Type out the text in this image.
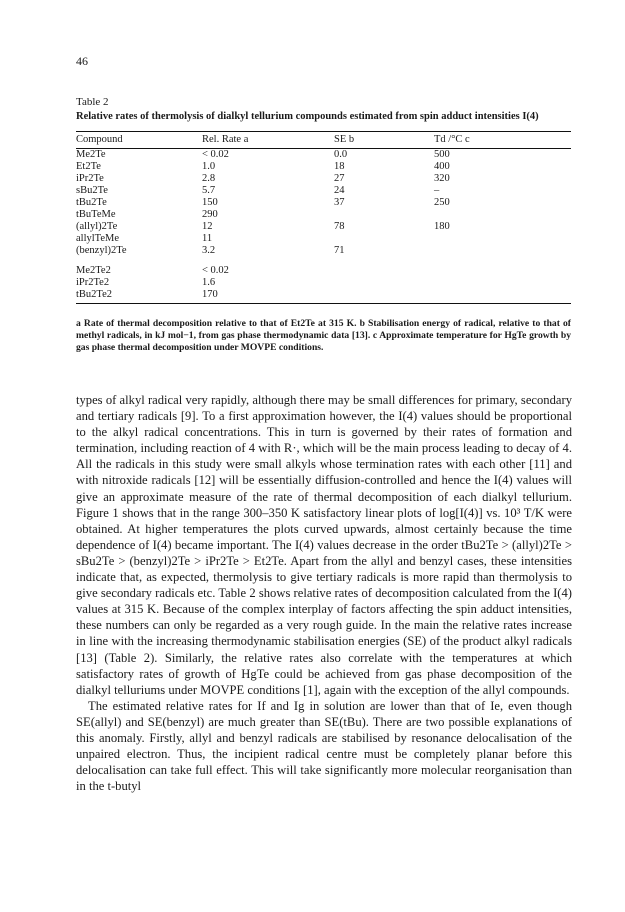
46
Table 2
Relative rates of thermolysis of dialkyl tellurium compounds estimated from spin adduct intensities I(4)
Compound	Rel. Rate a	SE b	Td /°C c
Me2Te	< 0.02	0.0	500
Et2Te	1.0	18	400
iPr2Te	2.8	27	320
sBu2Te	5.7	24	–
tBu2Te	150	37	250
tBuTeMe	290		
(allyl)2Te	12	78	180
allylTeMe	11		
(benzyl)2Te	3.2	71	

Me2Te2	< 0.02		
iPr2Te2	1.6		
tBu2Te2	170		
a Rate of thermal decomposition relative to that of Et2Te at 315 K. b Stabilisation energy of radical, relative to that of methyl radicals, in kJ mol−1, from gas phase thermodynamic data [13]. c Approximate temperature for HgTe growth by gas phase thermal decomposition under MOVPE conditions.

types of alkyl radical very rapidly, although there may be small differences for primary, secondary and tertiary radicals [9]. To a first approximation however, the I(4) values should be proportional to the alkyl radical concentrations. This in turn is governed by their rates of formation and termination, including reaction of 4 with R·, which will be the main process leading to decay of 4. All the radicals in this study were small alkyls whose termination rates with each other [11] and with nitroxide radicals [12] will be essentially diffusion-controlled and hence the I(4) values will give an approximate measure of the rate of thermal decomposition of each dialkyl tellurium. Figure 1 shows that in the range 300–350 K satisfactory linear plots of log[I(4)] vs. 10³ T/K were obtained. At higher temperatures the plots curved upwards, almost certainly because the time dependence of I(4) became important. The I(4) values decrease in the order tBu2Te > (allyl)2Te > sBu2Te > (benzyl)2Te > iPr2Te > Et2Te. Apart from the allyl and benzyl cases, these intensities indicate that, as expected, thermolysis to give tertiary radicals is more rapid than thermolysis to give secondary radicals etc. Table 2 shows relative rates of decomposition calculated from the I(4) values at 315 K. Because of the complex interplay of factors affecting the spin adduct intensities, these numbers can only be regarded as a very rough guide. In the main the relative rates increase in line with the increasing thermodynamic stabilisation energies (SE) of the product alkyl radicals [13] (Table 2). Similarly, the relative rates also correlate with the temperatures at which satisfactory rates of growth of HgTe could be achieved from gas phase decomposition of the dialkyl telluriums under MOVPE conditions [1], again with the exception of the allyl compounds.

The estimated relative rates for If and Ig in solution are lower than that of Ie, even though SE(allyl) and SE(benzyl) are much greater than SE(tBu). There are two possible explanations of this anomaly. Firstly, allyl and benzyl radicals are stabilised by resonance delocalisation of the unpaired electron. Thus, the incipient radical centre must be completely planar before this delocalisation can take full effect. This will take significantly more molecular reorganisation than in the t-butyl
